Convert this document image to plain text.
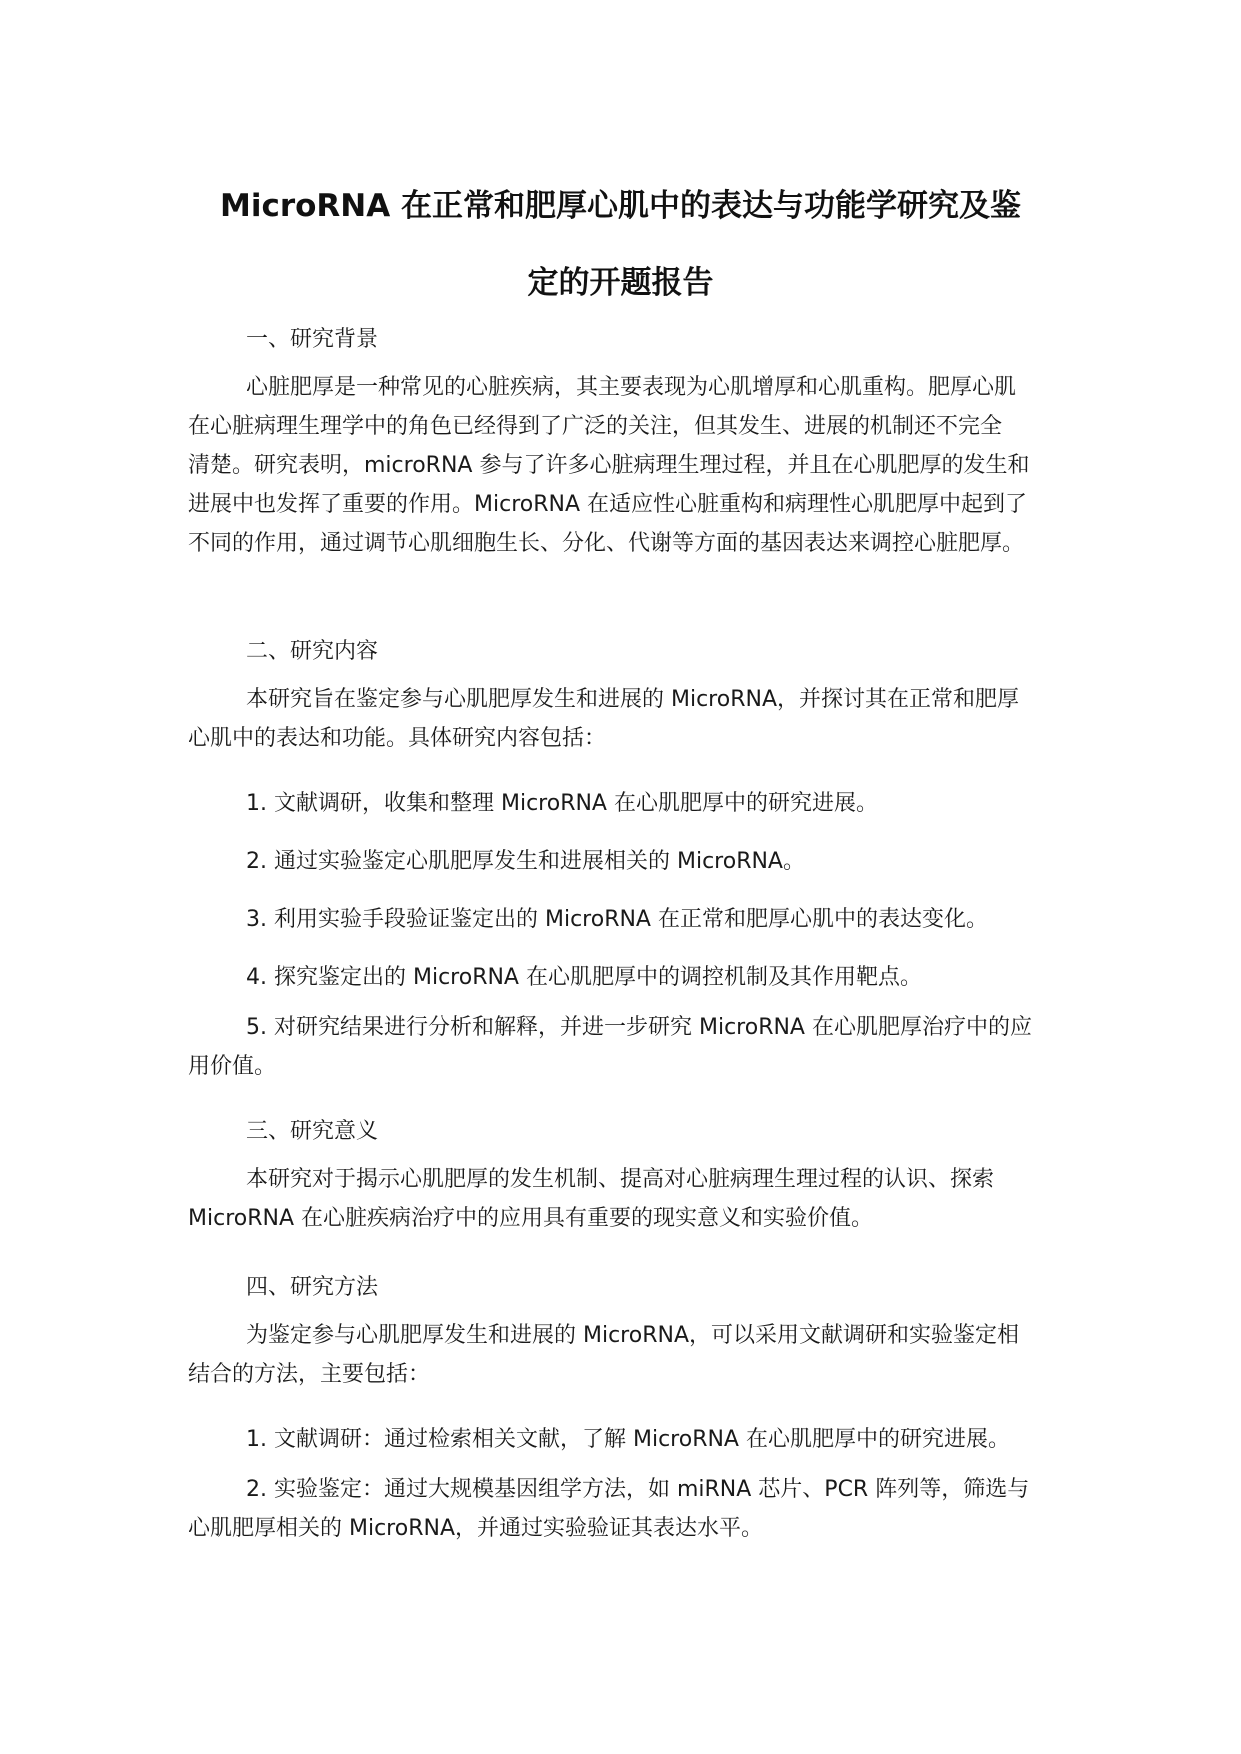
MicroRNA 在正常和肥厚心肌中的表达与功能学研究及鉴
定的开题报告
一、研究背景
心脏肥厚是一种常见的心脏疾病，其主要表现为心肌增厚和心肌重构。肥厚心肌
在心脏病理生理学中的角色已经得到了广泛的关注，但其发生、进展的机制还不完全
清楚。研究表明，microRNA 参与了许多心脏病理生理过程，并且在心肌肥厚的发生和
进展中也发挥了重要的作用。MicroRNA 在适应性心脏重构和病理性心肌肥厚中起到了
不同的作用，通过调节心肌细胞生长、分化、代谢等方面的基因表达来调控心脏肥厚。
二、研究内容
本研究旨在鉴定参与心肌肥厚发生和进展的 MicroRNA，并探讨其在正常和肥厚
心肌中的表达和功能。具体研究内容包括：
1. 文献调研，收集和整理 MicroRNA 在心肌肥厚中的研究进展。
2. 通过实验鉴定心肌肥厚发生和进展相关的 MicroRNA。
3. 利用实验手段验证鉴定出的 MicroRNA 在正常和肥厚心肌中的表达变化。
4. 探究鉴定出的 MicroRNA 在心肌肥厚中的调控机制及其作用靶点。
5. 对研究结果进行分析和解释，并进一步研究 MicroRNA 在心肌肥厚治疗中的应
用价值。
三、研究意义
本研究对于揭示心肌肥厚的发生机制、提高对心脏病理生理过程的认识、探索
MicroRNA 在心脏疾病治疗中的应用具有重要的现实意义和实验价值。
四、研究方法
为鉴定参与心肌肥厚发生和进展的 MicroRNA，可以采用文献调研和实验鉴定相
结合的方法，主要包括：
1. 文献调研：通过检索相关文献，了解 MicroRNA 在心肌肥厚中的研究进展。
2. 实验鉴定：通过大规模基因组学方法，如 miRNA 芯片、PCR 阵列等，筛选与
心肌肥厚相关的 MicroRNA，并通过实验验证其表达水平。
